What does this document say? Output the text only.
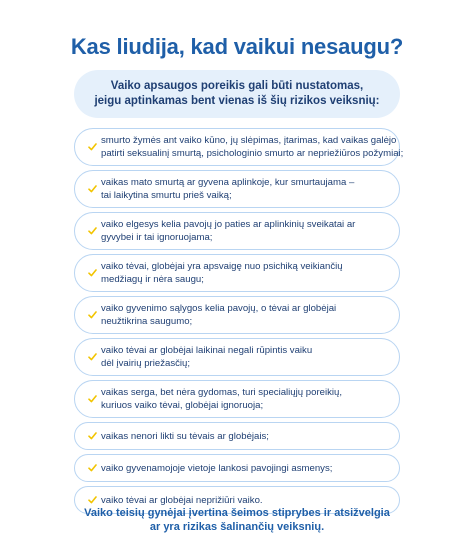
Kas liudija, kad vaikui nesaugu?
Vaiko apsaugos poreikis gali būti nustatomas,
jeigu aptinkamas bent vienas iš šių rizikos veiksnių:
smurto žymės ant vaiko kūno, jų slėpimas, įtarimas, kad vaikas galėjo
patirti seksualinį smurtą, psichologinio smurto ar nepriežiūros požymiai;
vaikas mato smurtą ar gyvena aplinkoje, kur smurtaujama –
tai laikytina smurtu prieš vaiką;
vaiko elgesys kelia pavojų jo paties ar aplinkinių sveikatai ar
gyvybei ir tai ignoruojama;
vaiko tėvai, globėjai yra apsvaigę nuo psichiką veikiančių
medžiagų ir nėra saugu;
vaiko gyvenimo sąlygos kelia pavojų, o tėvai ar globėjai
neužtikrina saugumo;
vaiko tėvai ar globėjai laikinai negali rūpintis vaiku
dėl įvairių priežasčių;
vaikas serga, bet nėra gydomas, turi specialiųjų poreikių,
kuriuos vaiko tėvai, globėjai ignoruoja;
vaikas nenori likti su tėvais ar globėjais;
vaiko gyvenamojoje vietoje lankosi pavojingi asmenys;
vaiko tėvai ar globėjai neprižiūri vaiko.
Vaiko teisių gynėjai įvertina šeimos stiprybes ir atsižvelgia
ar yra rizikas šalinančių veiksnių.
